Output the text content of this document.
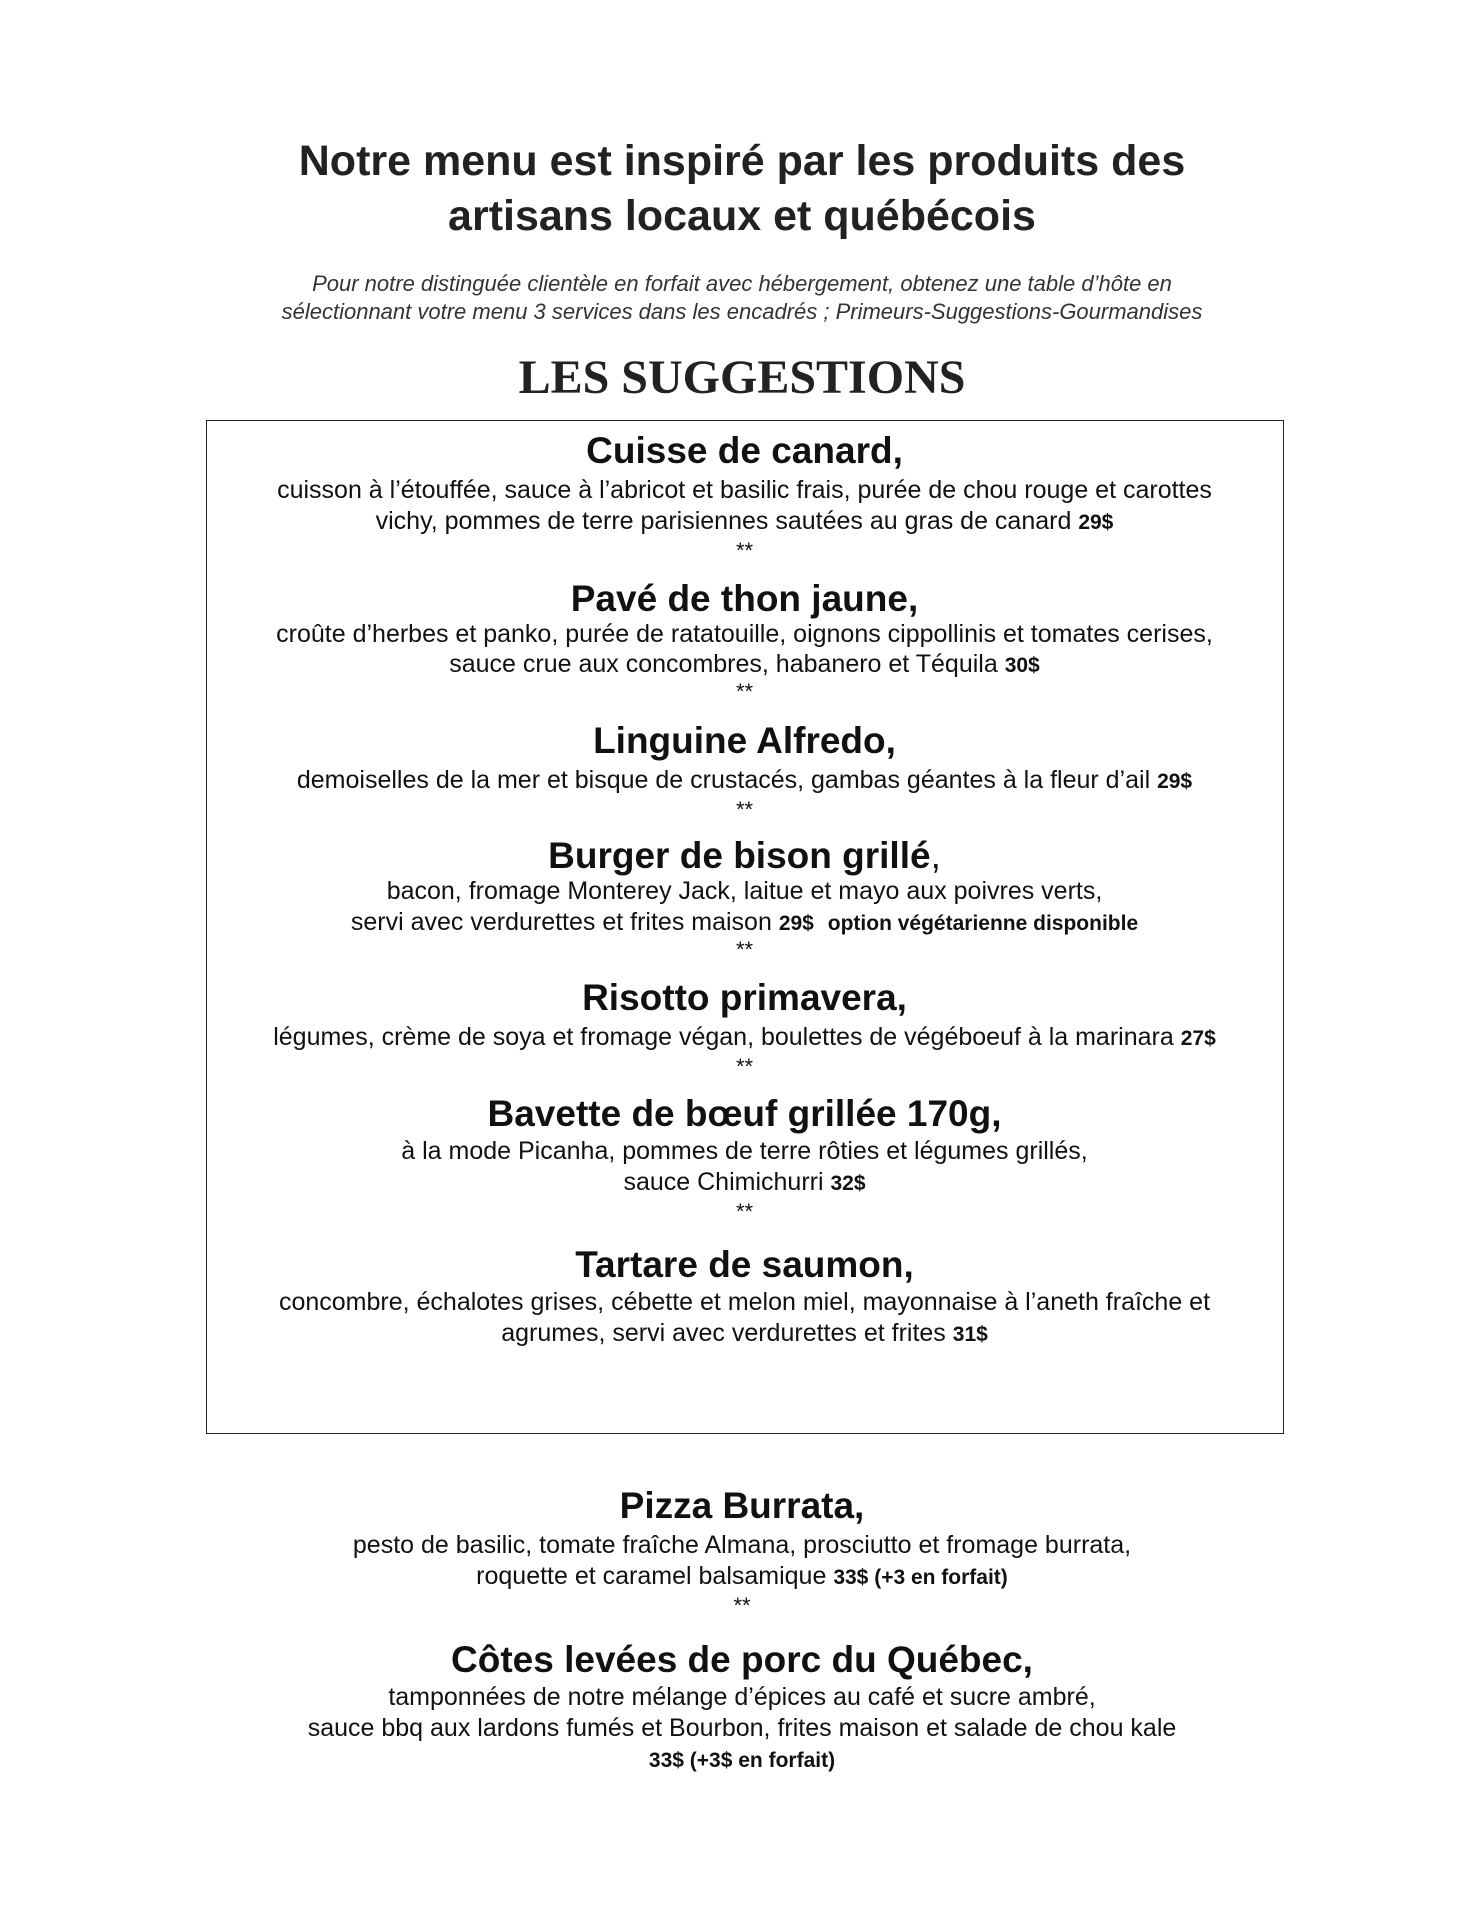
Notre menu est inspiré par les produits des
artisans locaux et québécois

Pour notre distinguée clientèle en forfait avec hébergement, obtenez une table d’hôte en
sélectionnant votre menu 3 services dans les encadrés ; Primeurs-Suggestions-Gourmandises

LES SUGGESTIONS

Cuisse de canard,

cuisson à l’étouffée, sauce à l’abricot et basilic frais, purée de chou rouge et carottes
vichy, pommes de terre parisiennes sautées au gras de canard 29$

**

Pavé de thon jaune,

croûte d’herbes et panko, purée de ratatouille, oignons cippollinis et tomates cerises,
sauce crue aux concombres, habanero et Téquila 30$

**

Linguine Alfredo,

demoiselles de la mer et bisque de crustacés, gambas géantes à la fleur d’ail 29$

**

Burger de bison grillé,

bacon, fromage Monterey Jack, laitue et mayo aux poivres verts,
servi avec verdurettes et frites maison 29$ option végétarienne disponible

**

Risotto primavera,

légumes, crème de soya et fromage végan, boulettes de végéboeuf à la marinara 27$

**

Bavette de bœuf grillée 170g,

à la mode Picanha, pommes de terre rôties et légumes grillés,
sauce Chimichurri 32$

**

Tartare de saumon,

concombre, échalotes grises, cébette et melon miel, mayonnaise à l’aneth fraîche et
agrumes, servi avec verdurettes et frites 31$

Pizza Burrata,

pesto de basilic, tomate fraîche Almana, prosciutto et fromage burrata,
roquette et caramel balsamique 33$ (+3 en forfait)

**

Côtes levées de porc du Québec,

tamponnées de notre mélange d’épices au café et sucre ambré,
sauce bbq aux lardons fumés et Bourbon, frites maison et salade de chou kale
33$ (+3$ en forfait)
